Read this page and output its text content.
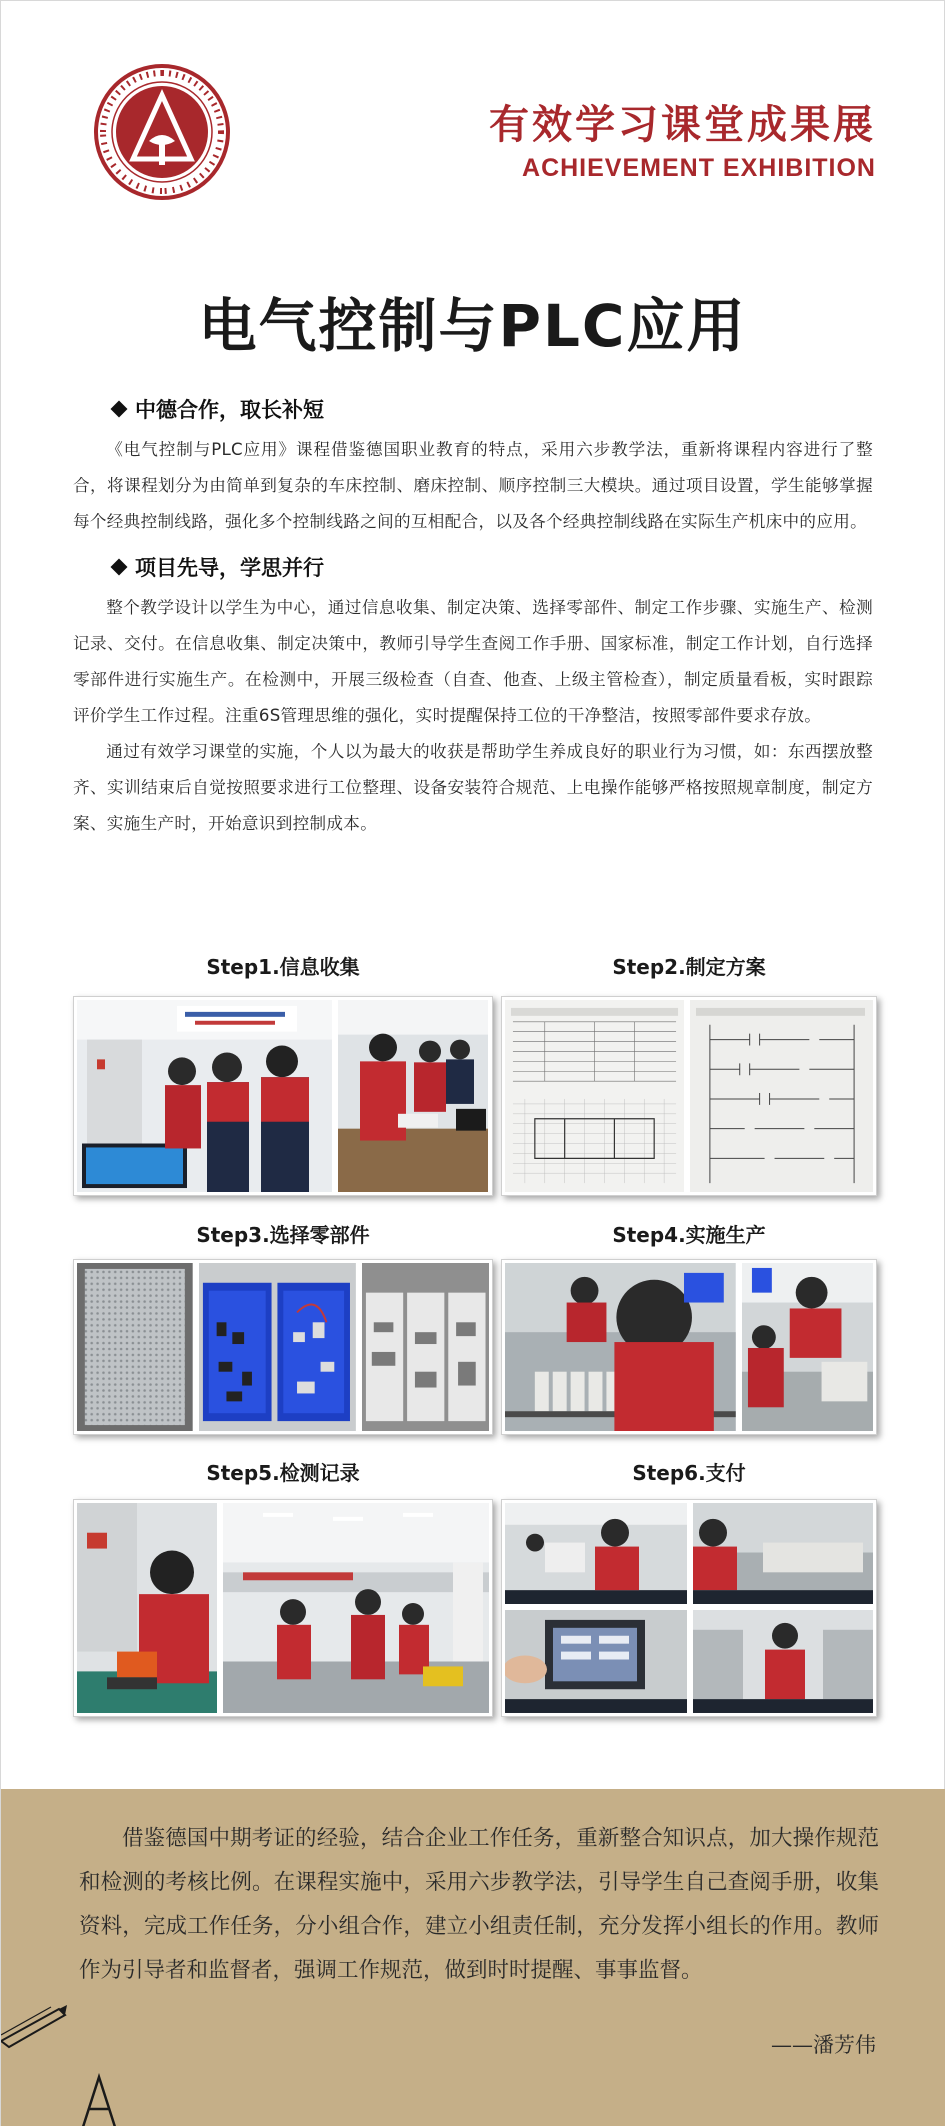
有效学习课堂成果展
ACHIEVEMENT EXHIBITION
电气控制与PLC应用
中德合作，取长补短

《电气控制与PLC应用》课程借鉴德国职业教育的特点，采用六步教学法，重新将课程内容进行了整合，将课程划分为由简单到复杂的车床控制、磨床控制、顺序控制三大模块。通过项目设置，学生能够掌握每个经典控制线路，强化多个控制线路之间的互相配合，以及各个经典控制线路在实际生产机床中的应用。

项目先导，学思并行

整个教学设计以学生为中心，通过信息收集、制定决策、选择零部件、制定工作步骤、实施生产、检测记录、交付。在信息收集、制定决策中，教师引导学生查阅工作手册、国家标准，制定工作计划，自行选择零部件进行实施生产。在检测中，开展三级检查（自查、他查、上级主管检查），制定质量看板，实时跟踪评价学生工作过程。注重6S管理思维的强化，实时提醒保持工位的干净整洁，按照零部件要求存放。

通过有效学习课堂的实施，个人以为最大的收获是帮助学生养成良好的职业行为习惯，如：东西摆放整齐、实训结束后自觉按照要求进行工位整理、设备安装符合规范、上电操作能够严格按照规章制度，制定方案、实施生产时，开始意识到控制成本。

Step1.信息收集	Step2.制定方案
Step3.选择零部件	Step4.实施生产
Step5.检测记录	Step6.支付

借鉴德国中期考证的经验，结合企业工作任务，重新整合知识点，加大操作规范和检测的考核比例。在课程实施中，采用六步教学法，引导学生自己查阅手册，收集资料，完成工作任务，分小组合作，建立小组责任制，充分发挥小组长的作用。教师作为引导者和监督者，强调工作规范，做到时时提醒、事事监督。

——潘芳伟
